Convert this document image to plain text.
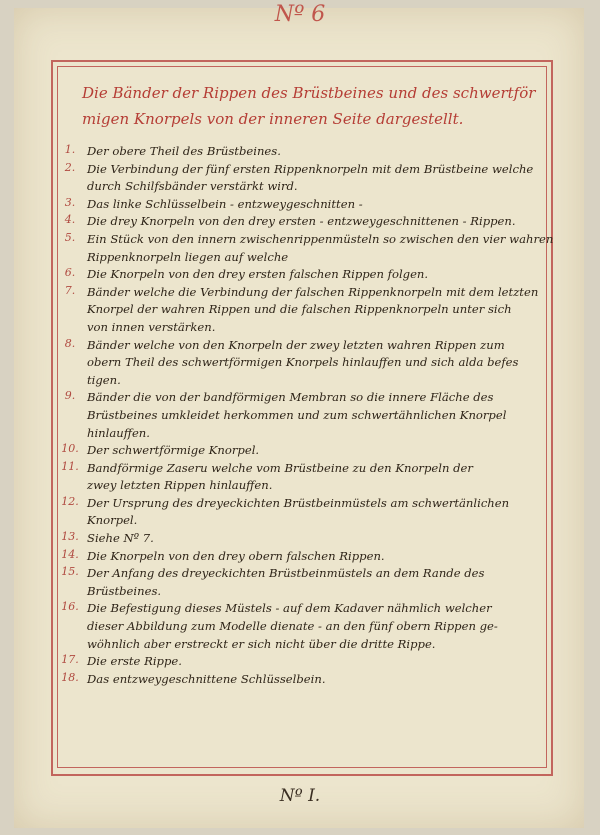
Nº 6
Die Bänder der Rippen des Brüstbeines und des schwertför
migen Knorpels von der inneren Seite dargestellt.
1.	Der obere Theil des Brüstbeines.
2.	Die Verbindung der fünf ersten Rippenknorpeln mit dem Brüstbeine welche
durch Schilfsbänder verstärkt wird.
3.	Das linke Schlüsselbein - entzweygeschnitten -
4.	Die drey Knorpeln von den drey ersten - entzweygeschnittenen - Rippen.
5.	Ein Stück von den innern zwischenrippenmüsteln so zwischen den vier wahren
Rippenknorpeln liegen auf welche
6.	Die Knorpeln von den drey ersten falschen Rippen folgen.
7.	Bänder welche die Verbindung der falschen Rippenknorpeln mit dem letzten
Knorpel der wahren Rippen und die falschen Rippenknorpeln unter sich
von innen verstärken.
8.	Bänder welche von den Knorpeln der zwey letzten wahren Rippen zum
obern Theil des schwertförmigen Knorpels hinlauffen und sich alda befes
tigen.
9.	Bänder die von der bandförmigen Membran so die innere Fläche des
Brüstbeines umkleidet herkommen und zum schwertähnlichen Knorpel
hinlauffen.
10. Der schwertförmige Knorpel.
11. Bandförmige Zaseru welche vom Brüstbeine zu den Knorpeln der
zwey letzten Rippen hinlauffen.
12. Der Ursprung des dreyeckichten Brüstbeinmüstels am schwertänlichen
Knorpel.
13. Siehe Nº 7.
14. Die Knorpeln von den drey obern falschen Rippen.
15. Der Anfang des dreyeckichten Brüstbeinmüstels an dem Rande des
Brüstbeines.
16. Die Befestigung dieses Müstels - auf dem Kadaver nähmlich welcher
dieser Abbildung zum Modelle dienate - an den fünf obern Rippen ge-
wöhnlich aber erstreckt er sich nicht über die dritte Rippe.
17. Die erste Rippe.
18. Das entzweygeschnittene Schlüsselbein.
Nº I.
